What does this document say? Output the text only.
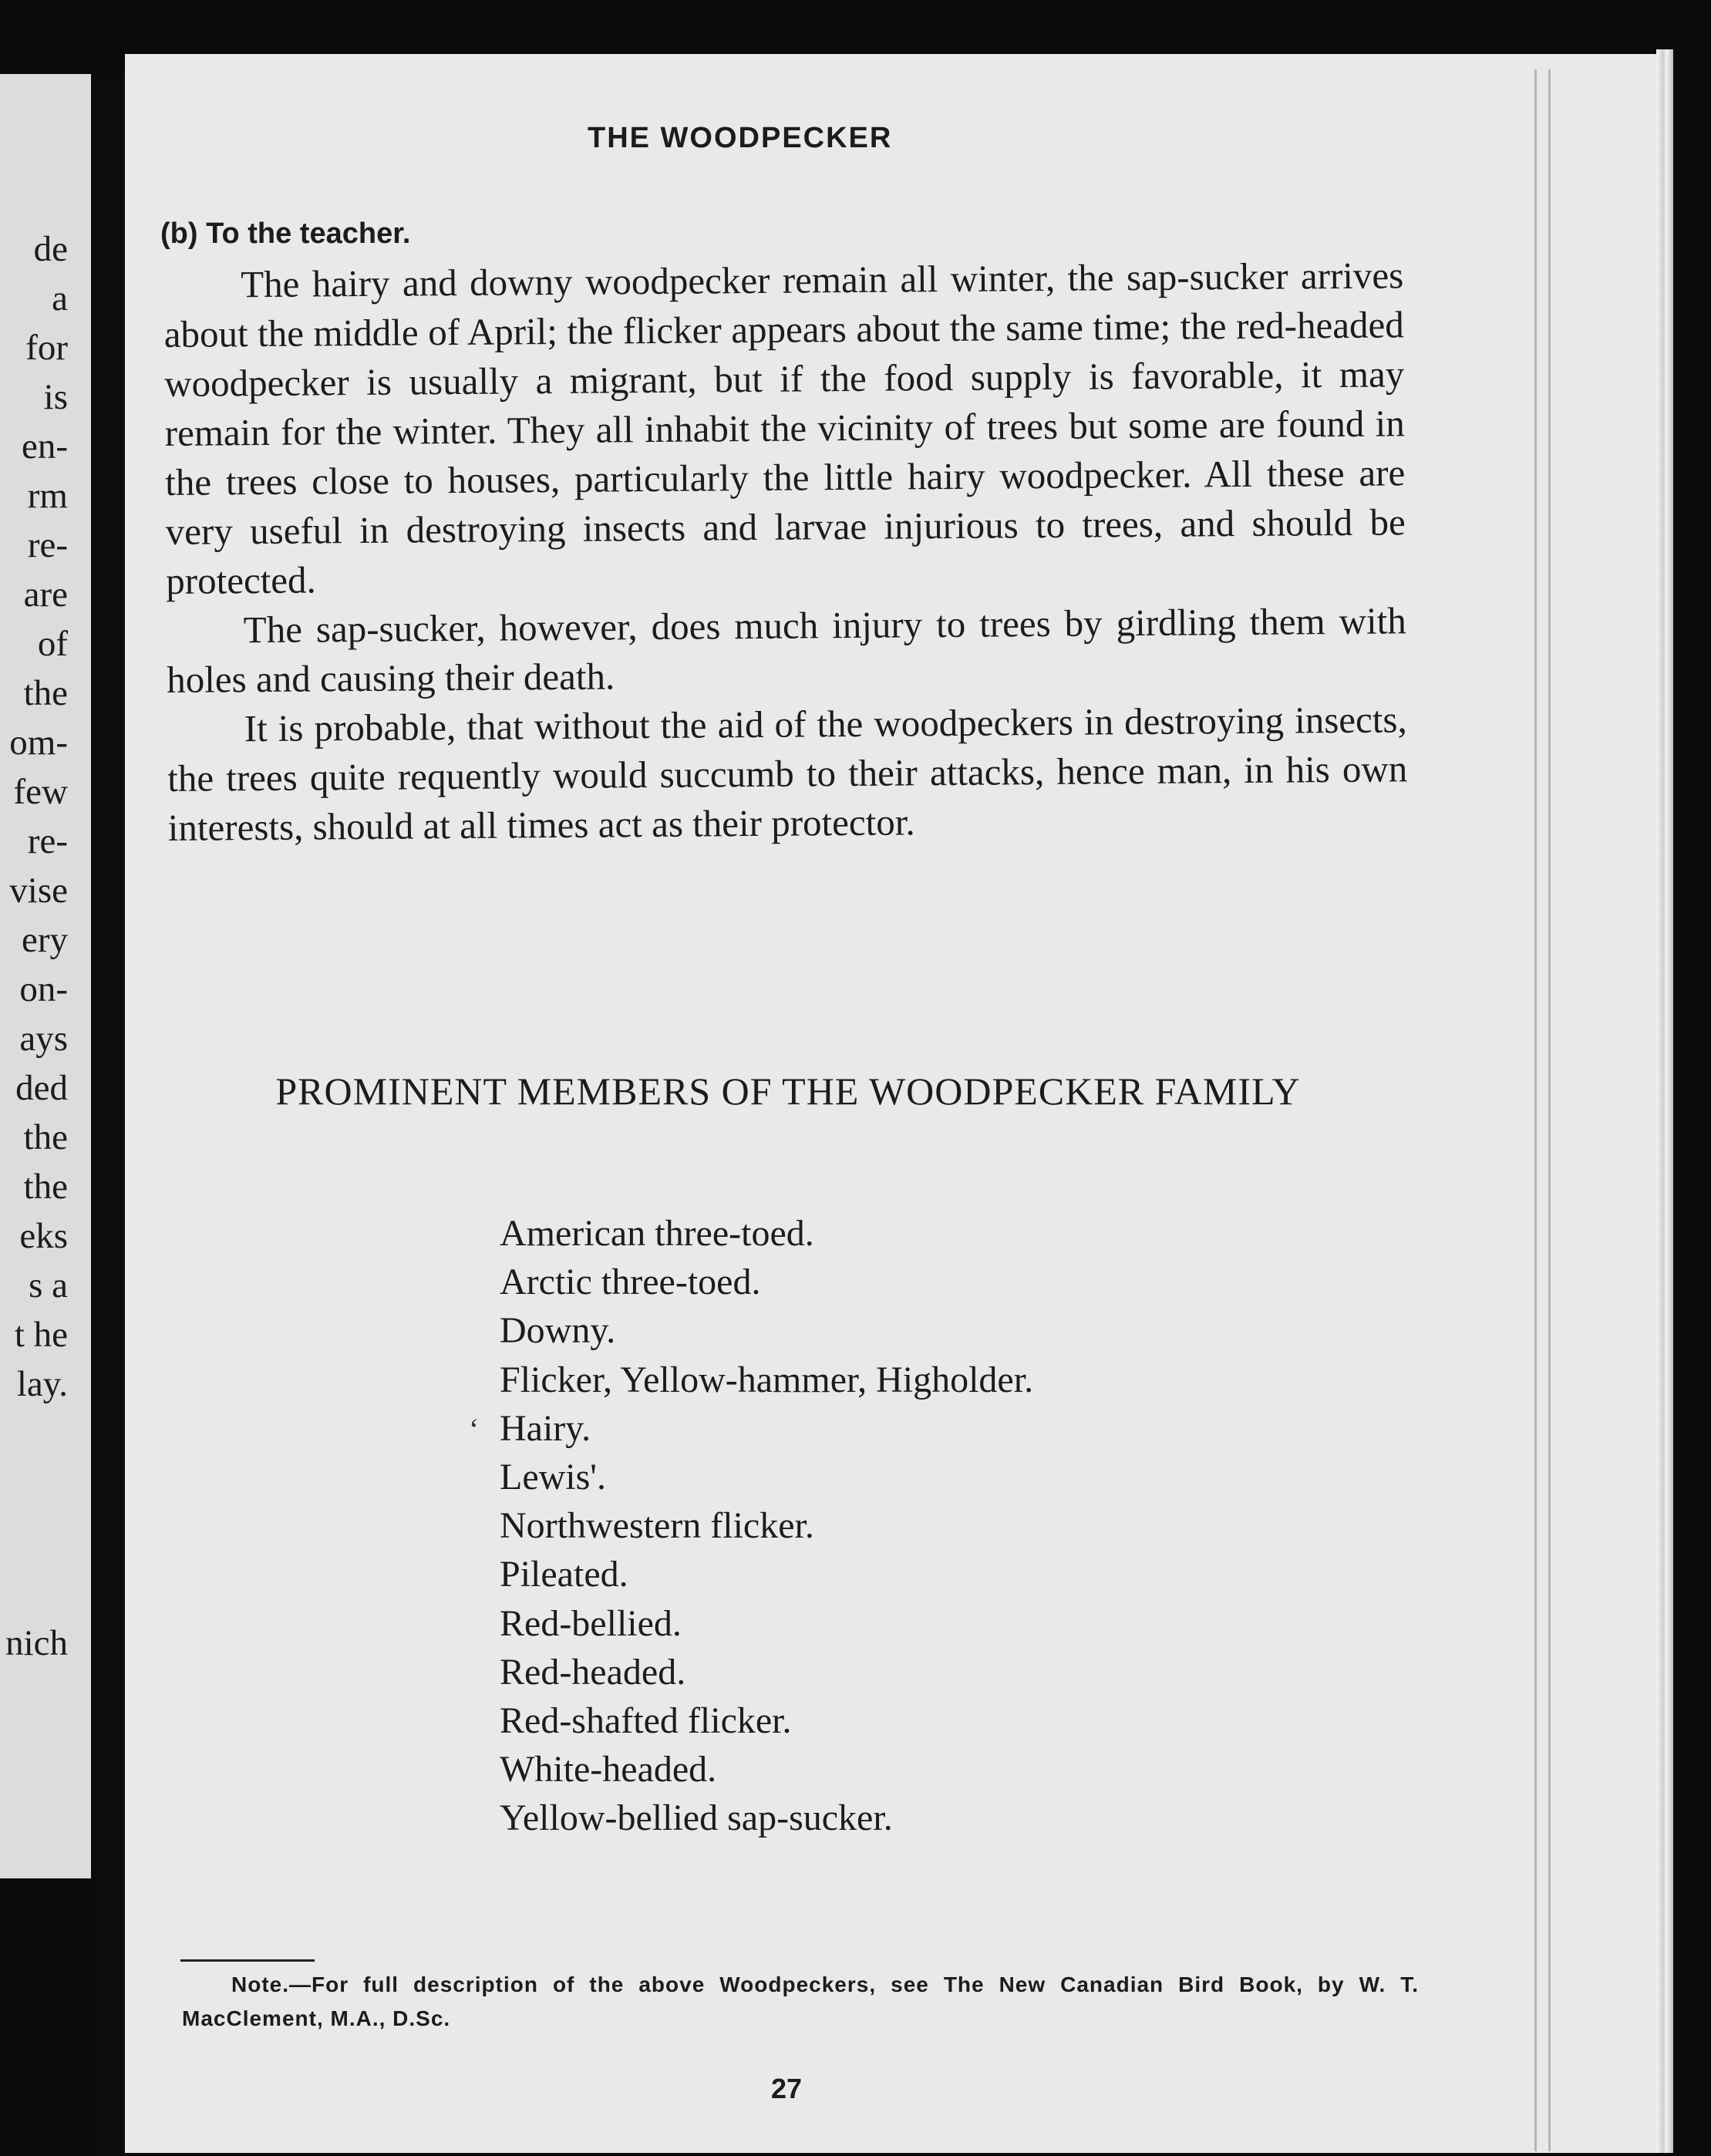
de
a
for
is
en-
rm
re-
are
of
the
om-
few
re-
vise
ery
on-
ays
ded
the
the
eks
s a
t he
lay.
nich
THE WOODPECKER
(b) To the teacher.

The hairy and downy woodpecker remain all winter, the sap-sucker arrives about the middle of April; the flicker appears about the same time; the red-headed woodpecker is usually a migrant, but if the food supply is favorable, it may remain for the winter. They all inhabit the vicinity of trees but some are found in the trees close to houses, particularly the little hairy woodpecker. All these are very useful in destroying insects and larvae injurious to trees, and should be protected.

The sap-sucker, however, does much injury to trees by girdling them with holes and causing their death.

It is probable, that without the aid of the woodpeckers in destroying insects, the trees quite requently would succumb to their attacks, hence man, in his own interests, should at all times act as their protector.

PROMINENT MEMBERS OF THE WOODPECKER FAMILY
‘
American three-toed.
Arctic three-toed.
Downy.
Flicker, Yellow-hammer, Higholder.
Hairy.
Lewis'.
Northwestern flicker.
Pileated.
Red-bellied.
Red-headed.
Red-shafted flicker.
White-headed.
Yellow-bellied sap-sucker.
Note.—For full description of the above Woodpeckers, see The New Canadian Bird Book, by W. T. MacClement, M.A., D.Sc.
27
